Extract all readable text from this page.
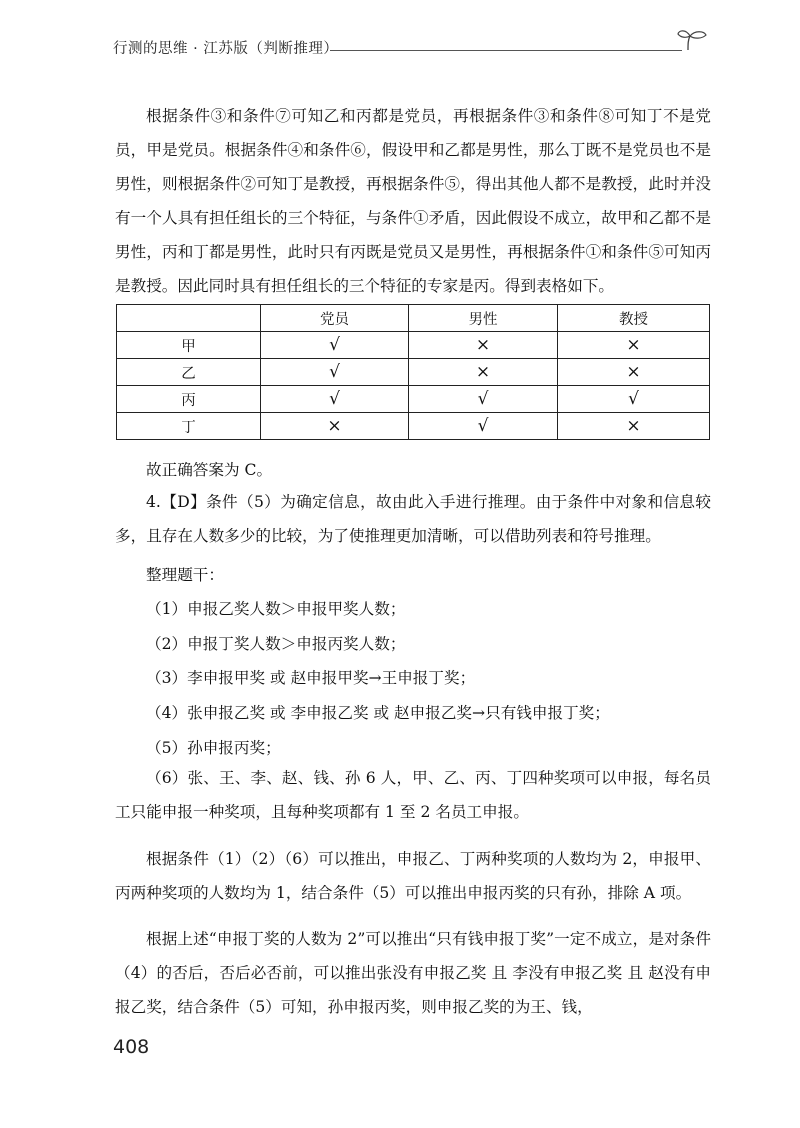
行测的思维 · 江苏版（判断推理）
根据条件③和条件⑦可知乙和丙都是党员，再根据条件③和条件⑧可知丁不是党员，甲是党员。根据条件④和条件⑥，假设甲和乙都是男性，那么丁既不是党员也不是男性，则根据条件②可知丁是教授，再根据条件⑤，得出其他人都不是教授，此时并没有一个人具有担任组长的三个特征，与条件①矛盾，因此假设不成立，故甲和乙都不是男性，丙和丁都是男性，此时只有丙既是党员又是男性，再根据条件①和条件⑤可知丙是教授。因此同时具有担任组长的三个特征的专家是丙。得到表格如下。
	党员	男性	教授
甲	√	×	×
乙	√	×	×
丙	√	√	√
丁	×	√	×
故正确答案为 C。
4.【D】条件（5）为确定信息，故由此入手进行推理。由于条件中对象和信息较多，且存在人数多少的比较，为了使推理更加清晰，可以借助列表和符号推理。
整理题干：
（1）申报乙奖人数＞申报甲奖人数；
（2）申报丁奖人数＞申报丙奖人数；
（3）李申报甲奖 或 赵申报甲奖→王申报丁奖；
（4）张申报乙奖 或 李申报乙奖 或 赵申报乙奖→只有钱申报丁奖；
（5）孙申报丙奖；
（6）张、王、李、赵、钱、孙 6 人，甲、乙、丙、丁四种奖项可以申报，每名员工只能申报一种奖项，且每种奖项都有 1 至 2 名员工申报。
根据条件（1）（2）（6）可以推出，申报乙、丁两种奖项的人数均为 2，申报甲、丙两种奖项的人数均为 1，结合条件（5）可以推出申报丙奖的只有孙，排除 A 项。
根据上述“申报丁奖的人数为 2”可以推出“只有钱申报丁奖”一定不成立，是对条件（4）的否后，否后必否前，可以推出张没有申报乙奖 且 李没有申报乙奖 且 赵没有申报乙奖，结合条件（5）可知，孙申报丙奖，则申报乙奖的为王、钱，
408
